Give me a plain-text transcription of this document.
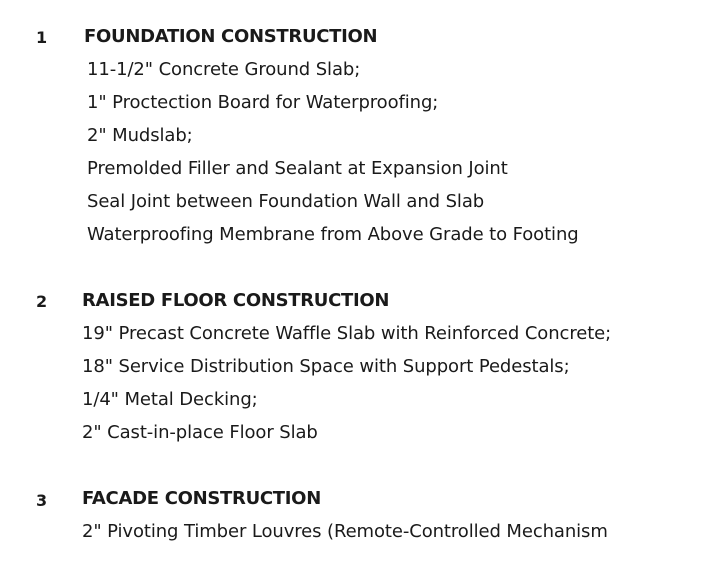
1 FOUNDATION CONSTRUCTION
11-1/2" Concrete Ground Slab;
1" Proctection Board for Waterproofing;
2" Mudslab;
Premolded Filler and Sealant at Expansion Joint
Seal Joint between Foundation Wall and Slab
Waterproofing Membrane from Above Grade to Footing
2 RAISED FLOOR CONSTRUCTION
19" Precast Concrete Waffle Slab with Reinforced Concrete;
18" Service Distribution Space with Support Pedestals;
1/4" Metal Decking;
2" Cast-in-place Floor Slab
3 FACADE CONSTRUCTION
2" Pivoting Timber Louvres (Remote-Controlled Mechanism
